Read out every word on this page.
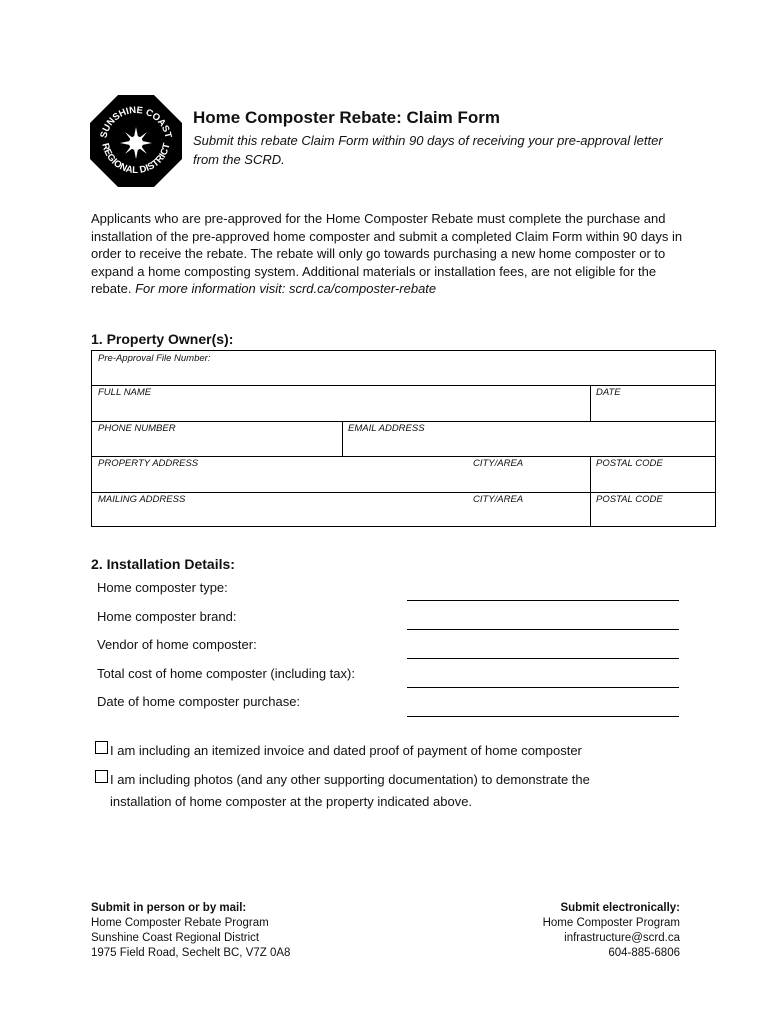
SUNSHINE COAST
REGIONAL DISTRICT
Home Composter Rebate: Claim Form
Submit this rebate Claim Form within 90 days of receiving your pre-approval letter from the SCRD.
Applicants who are pre-approved for the Home Composter Rebate must complete the purchase and installation of the pre-approved home composter and submit a completed Claim Form within 90 days in order to receive the rebate. The rebate will only go towards purchasing a new home composter or to expand a home composting system. Additional materials or installation fees, are not eligible for the rebate. For more information visit: scrd.ca/composter-rebate
1. Property Owner(s):
Pre-Approval File Number:
FULL NAME	DATE
PHONE NUMBER	EMAIL ADDRESS
PROPERTY ADDRESS	CITY/AREA	POSTAL CODE
MAILING ADDRESS	CITY/AREA	POSTAL CODE
2. Installation Details:
Home composter type:
Home composter brand:
Vendor of home composter:
Total cost of home composter (including tax):
Date of home composter purchase:
I am including an itemized invoice and dated proof of payment of home composter
I am including photos (and any other supporting documentation) to demonstrate the
installation of home composter at the property indicated above.
Submit in person or by mail:
Home Composter Rebate Program
Sunshine Coast Regional District
1975 Field Road, Sechelt BC, V7Z 0A8
Submit electronically:
Home Composter Program
infrastructure@scrd.ca
604-885-6806
